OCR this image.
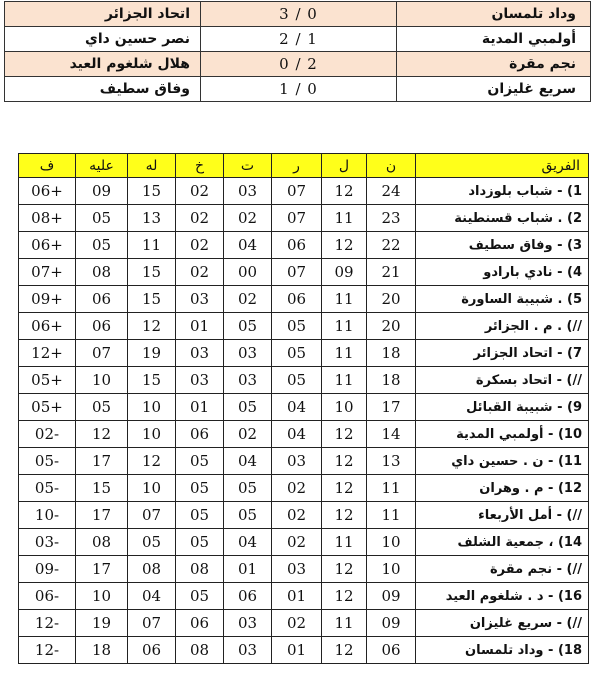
اتحاد الجزائر	3 / 0	وداد تلمسان
نصر حسين داي	2 / 1	أولمبي المدية
هلال شلغوم العيد	0 / 2	نجم مقرة
وفاق سطيف	1 / 0	سريع غليزان
الفريق	ن	ل	ر	ت	خ	له	عليه	ف
1) - شباب بلوزداد	24	12	07	03	02	15	09	06+
2) . شباب قسنطينة	23	11	07	02	02	13	05	08+
3) - وفاق سطيف	22	12	06	04	02	11	05	06+
4) - نادي بارادو	21	09	07	00	02	15	08	07+
5) . شبيبة الساورة	20	11	06	02	03	15	06	09+
//) . م . الجزائر	20	11	05	05	01	12	06	06+
7) - اتحاد الجزائر	18	11	05	03	03	19	07	12+
//) - اتحاد بسكرة	18	11	05	03	03	15	10	05+
9) - شبيبة القبائل	17	10	04	05	01	10	05	05+
10) - أولمبي المدية	14	12	04	02	06	10	12	02-
11) - ن . حسين داي	13	12	03	04	05	12	17	05-
12) - م . وهران	11	12	02	05	05	10	15	05-
//) - أمل الأربعاء	11	12	02	05	05	07	17	10-
14) ، جمعية الشلف	10	11	02	04	05	05	08	03-
//) - نجم مقرة	10	12	03	01	08	08	17	09-
16) - د . شلغوم العيد	09	12	01	06	05	04	10	06-
//) - سريع غليزان	09	11	02	03	06	07	19	12-
18) - وداد تلمسان	06	12	01	03	08	06	18	12-
